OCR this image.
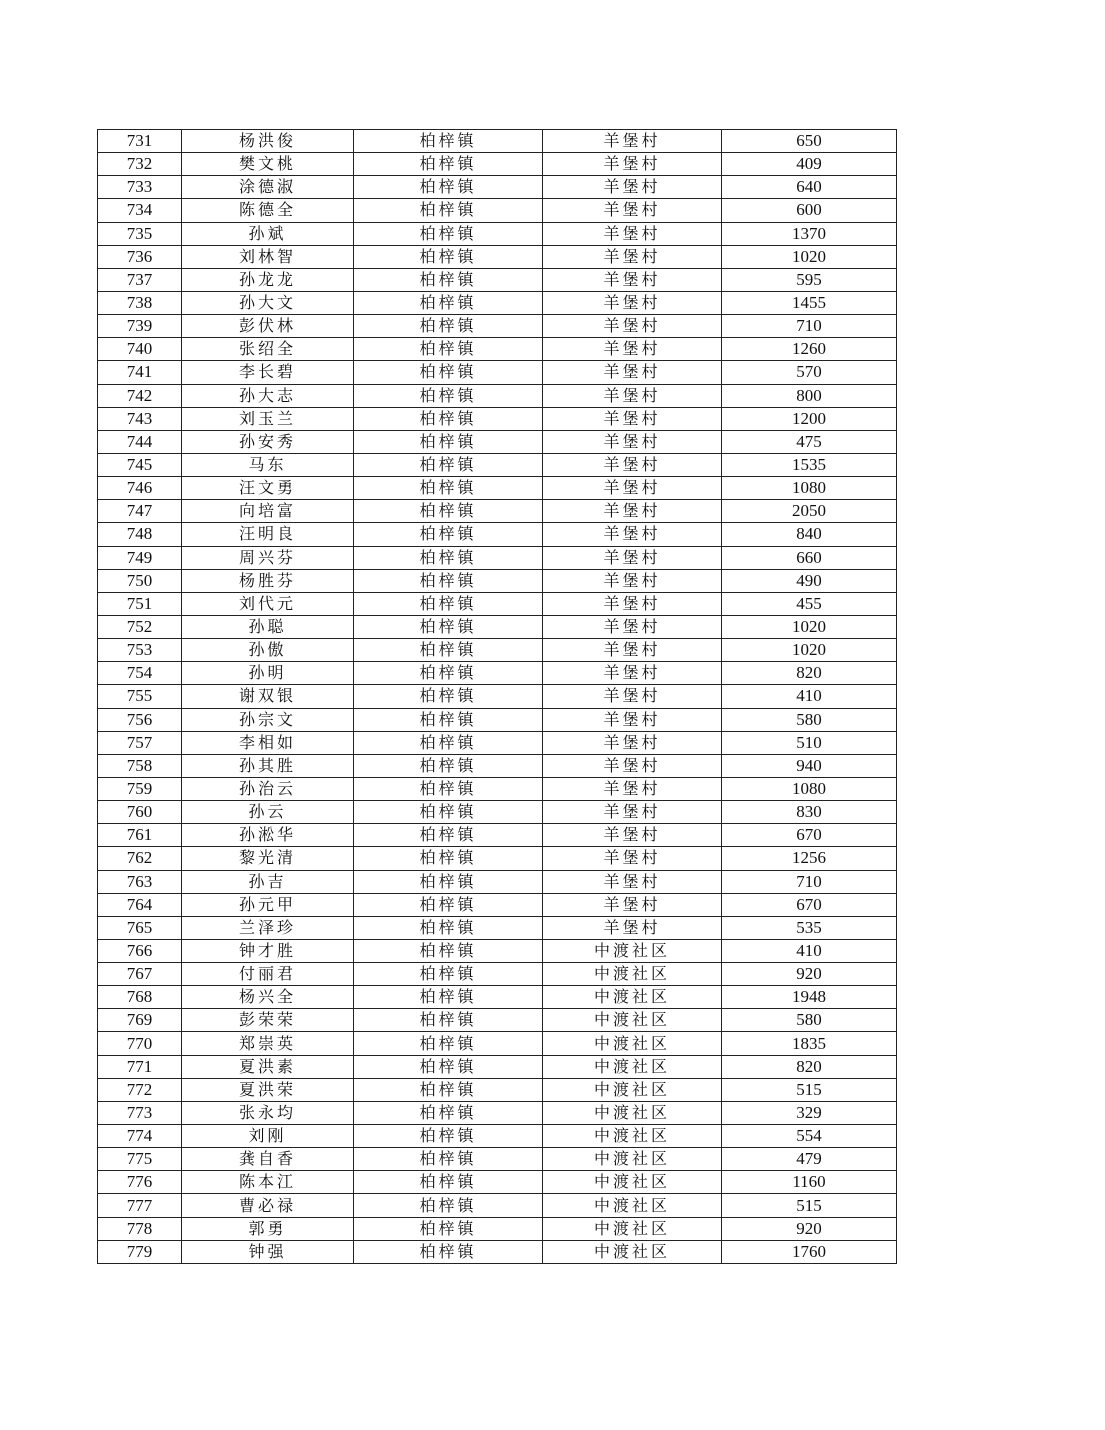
731	杨洪俊	柏梓镇	羊堡村	650
732	樊文桃	柏梓镇	羊堡村	409
733	涂德淑	柏梓镇	羊堡村	640
734	陈德全	柏梓镇	羊堡村	600
735	孙斌	柏梓镇	羊堡村	1370
736	刘林智	柏梓镇	羊堡村	1020
737	孙龙龙	柏梓镇	羊堡村	595
738	孙大文	柏梓镇	羊堡村	1455
739	彭伏林	柏梓镇	羊堡村	710
740	张绍全	柏梓镇	羊堡村	1260
741	李长碧	柏梓镇	羊堡村	570
742	孙大志	柏梓镇	羊堡村	800
743	刘玉兰	柏梓镇	羊堡村	1200
744	孙安秀	柏梓镇	羊堡村	475
745	马东	柏梓镇	羊堡村	1535
746	汪文勇	柏梓镇	羊堡村	1080
747	向培富	柏梓镇	羊堡村	2050
748	汪明良	柏梓镇	羊堡村	840
749	周兴芬	柏梓镇	羊堡村	660
750	杨胜芬	柏梓镇	羊堡村	490
751	刘代元	柏梓镇	羊堡村	455
752	孙聪	柏梓镇	羊堡村	1020
753	孙傲	柏梓镇	羊堡村	1020
754	孙明	柏梓镇	羊堡村	820
755	谢双银	柏梓镇	羊堡村	410
756	孙宗文	柏梓镇	羊堡村	580
757	李相如	柏梓镇	羊堡村	510
758	孙其胜	柏梓镇	羊堡村	940
759	孙治云	柏梓镇	羊堡村	1080
760	孙云	柏梓镇	羊堡村	830
761	孙淞华	柏梓镇	羊堡村	670
762	黎光清	柏梓镇	羊堡村	1256
763	孙吉	柏梓镇	羊堡村	710
764	孙元甲	柏梓镇	羊堡村	670
765	兰泽珍	柏梓镇	羊堡村	535
766	钟才胜	柏梓镇	中渡社区	410
767	付丽君	柏梓镇	中渡社区	920
768	杨兴全	柏梓镇	中渡社区	1948
769	彭荣荣	柏梓镇	中渡社区	580
770	郑崇英	柏梓镇	中渡社区	1835
771	夏洪素	柏梓镇	中渡社区	820
772	夏洪荣	柏梓镇	中渡社区	515
773	张永均	柏梓镇	中渡社区	329
774	刘刚	柏梓镇	中渡社区	554
775	龚自香	柏梓镇	中渡社区	479
776	陈本江	柏梓镇	中渡社区	1160
777	曹必禄	柏梓镇	中渡社区	515
778	郭勇	柏梓镇	中渡社区	920
779	钟强	柏梓镇	中渡社区	1760
